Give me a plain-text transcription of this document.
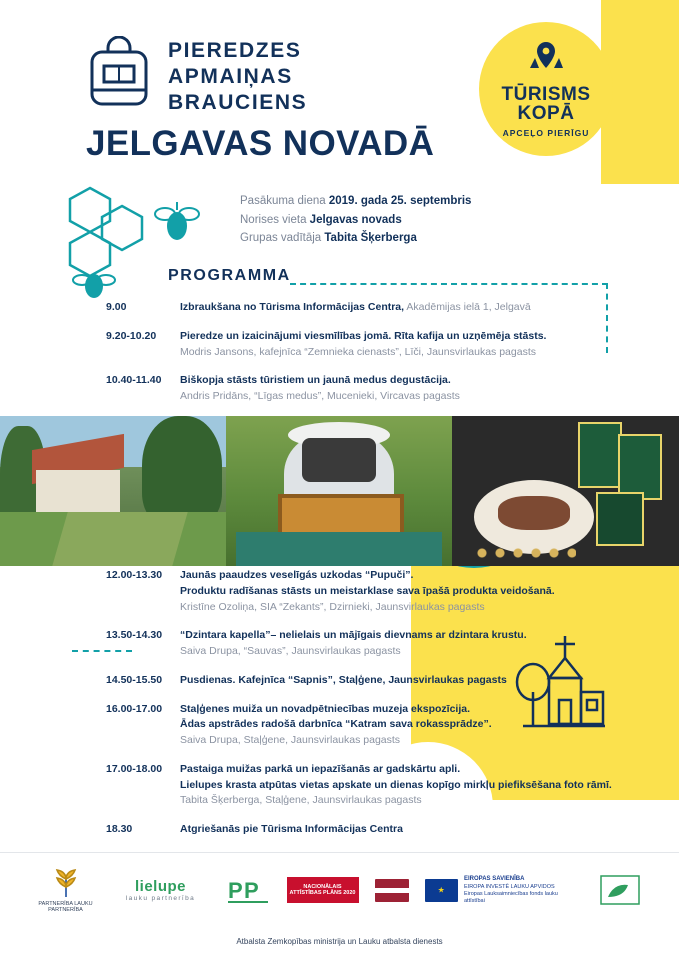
PIEREDZES
APMAIŅAS
BRAUCIENS
JELGAVAS NOVADĀ
TŪRISMS
KOPĀ
APCEĻO PIERĪGU
Pasākuma diena 2019. gada 25. septembris
Norises vieta Jelgavas novads
Grupas vadītāja Tabita Šķerberga
PROGRAMMA
9.00	Izbraukšana no Tūrisma Informācijas Centra, Akadēmijas ielā 1, Jelgavā
9.20-10.20	Pieredze un izaicinājumi viesmīlības jomā. Rīta kafija un uzņēmēja stāsts.
Modris Jansons, kafejnīca “Zemnieka cienasts”, Līči, Jaunsvirlaukas pagasts
10.40-11.40	Biškopja stāsts tūristiem un jaunā medus degustācija.
Andris Pridāns, “Līgas medus”, Mucenieki, Vircavas pagasts
12.00-13.30	Jaunās paaudzes veselīgás uzkodas “Pupuči”.
Produktu radīšanas stāsts un meistarklase sava īpašā produkta veidošanā.
Kristīne Ozoliņa, SIA “Zekants”, Dzirnieki, Jaunsvirlaukas pagasts
13.50-14.30	“Dzintara kapella”– nelielais un mājīgais dievnams ar dzintara krustu.
Saiva Drupa, “Sauvas”, Jaunsvirlaukas pagasts
14.50-15.50	Pusdienas. Kafejnīca “Sapnis”, Staļģene, Jaunsvirlaukas pagasts
16.00-17.00	Staļģenes muiža un novadpētniecības muzeja ekspozīcija.
Ādas apstrādes radošā darbnīca “Katram sava rokassprādze”.
Saiva Drupa, Staļģene, Jaunsvirlaukas pagasts
17.00-18.00	Pastaiga muižas parkā un iepazīšanās ar gadskārtu apli.
Lielupes krasta atpūtas vietas apskate un dienas kopīgo mirkļu piefiksēšana foto rāmī.
Tabita Šķerberga, Staļģene, Jaunsvirlaukas pagasts
18.30	Atgriešanās pie Tūrisma Informācijas Centra
PARTNERĪBA LAUKU PARTNERĪBA
lielupe
lauku partnerība P P	NACIONĀLAIS ATTĪSTĪBAS PLĀNS 2020
★
EIROPAS SAVIENĪBA
EIROPA INVESTĒ LAUKU APVIDOS
Eiropas Lauksaimniecības fonds lauku attīstībai
Atbalsta Zemkopības ministrija un Lauku atbalsta dienests
